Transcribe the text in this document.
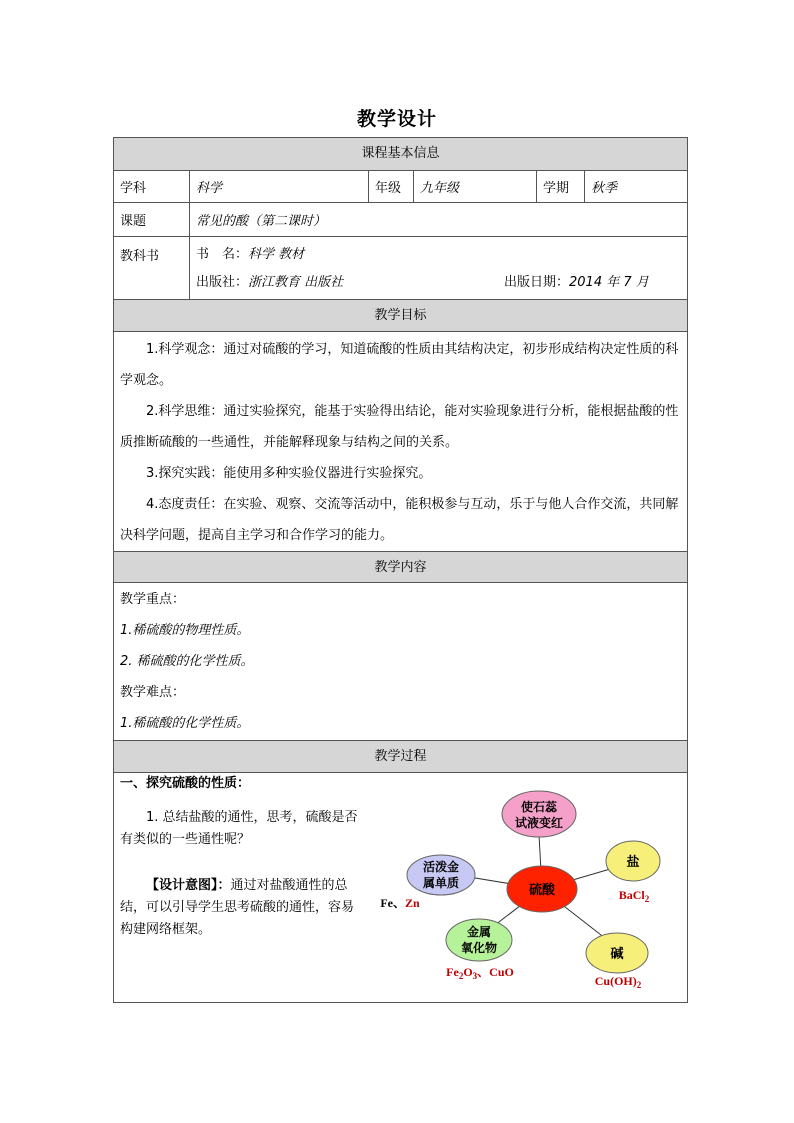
教学设计
课程基本信息
学科	科学	年级	九年级	学期	秋季
课题	常见的酸（第二课时）
教科书	书　名：科学 教材
出版社：浙江教育 出版社	出版日期：2014 年 7 月
教学目标

1.科学观念：通过对硫酸的学习，知道硫酸的性质由其结构决定，初步形成结构决定性质的科学观念。

2.科学思维：通过实验探究，能基于实验得出结论，能对实验现象进行分析，能根据盐酸的性质推断硫酸的一些通性，并能解释现象与结构之间的关系。

3.探究实践：能使用多种实验仪器进行实验探究。

4.态度责任：在实验、观察、交流等活动中，能积极参与互动，乐于与他人合作交流，共同解决科学问题，提高自主学习和合作学习的能力。

教学内容
教学重点：
1.稀硫酸的物理性质。
2. 稀硫酸的化学性质。
教学难点：
1.稀硫酸的化学性质。
教学过程
一、探究硫酸的性质：
1. 总结盐酸的通性，思考，硫酸是否有类似的一些通性呢？
【设计意图】：通过对盐酸通性的总结，可以引导学生思考硫酸的通性，容易构建网络框架。
使石蕊
试液变红
活泼金
属单质
Fe、Zn
硫酸
盐
BaCl$_2$
金属
氧化物
$Fe_2O_3$、CuO
碱
$Cu(OH)_2$
